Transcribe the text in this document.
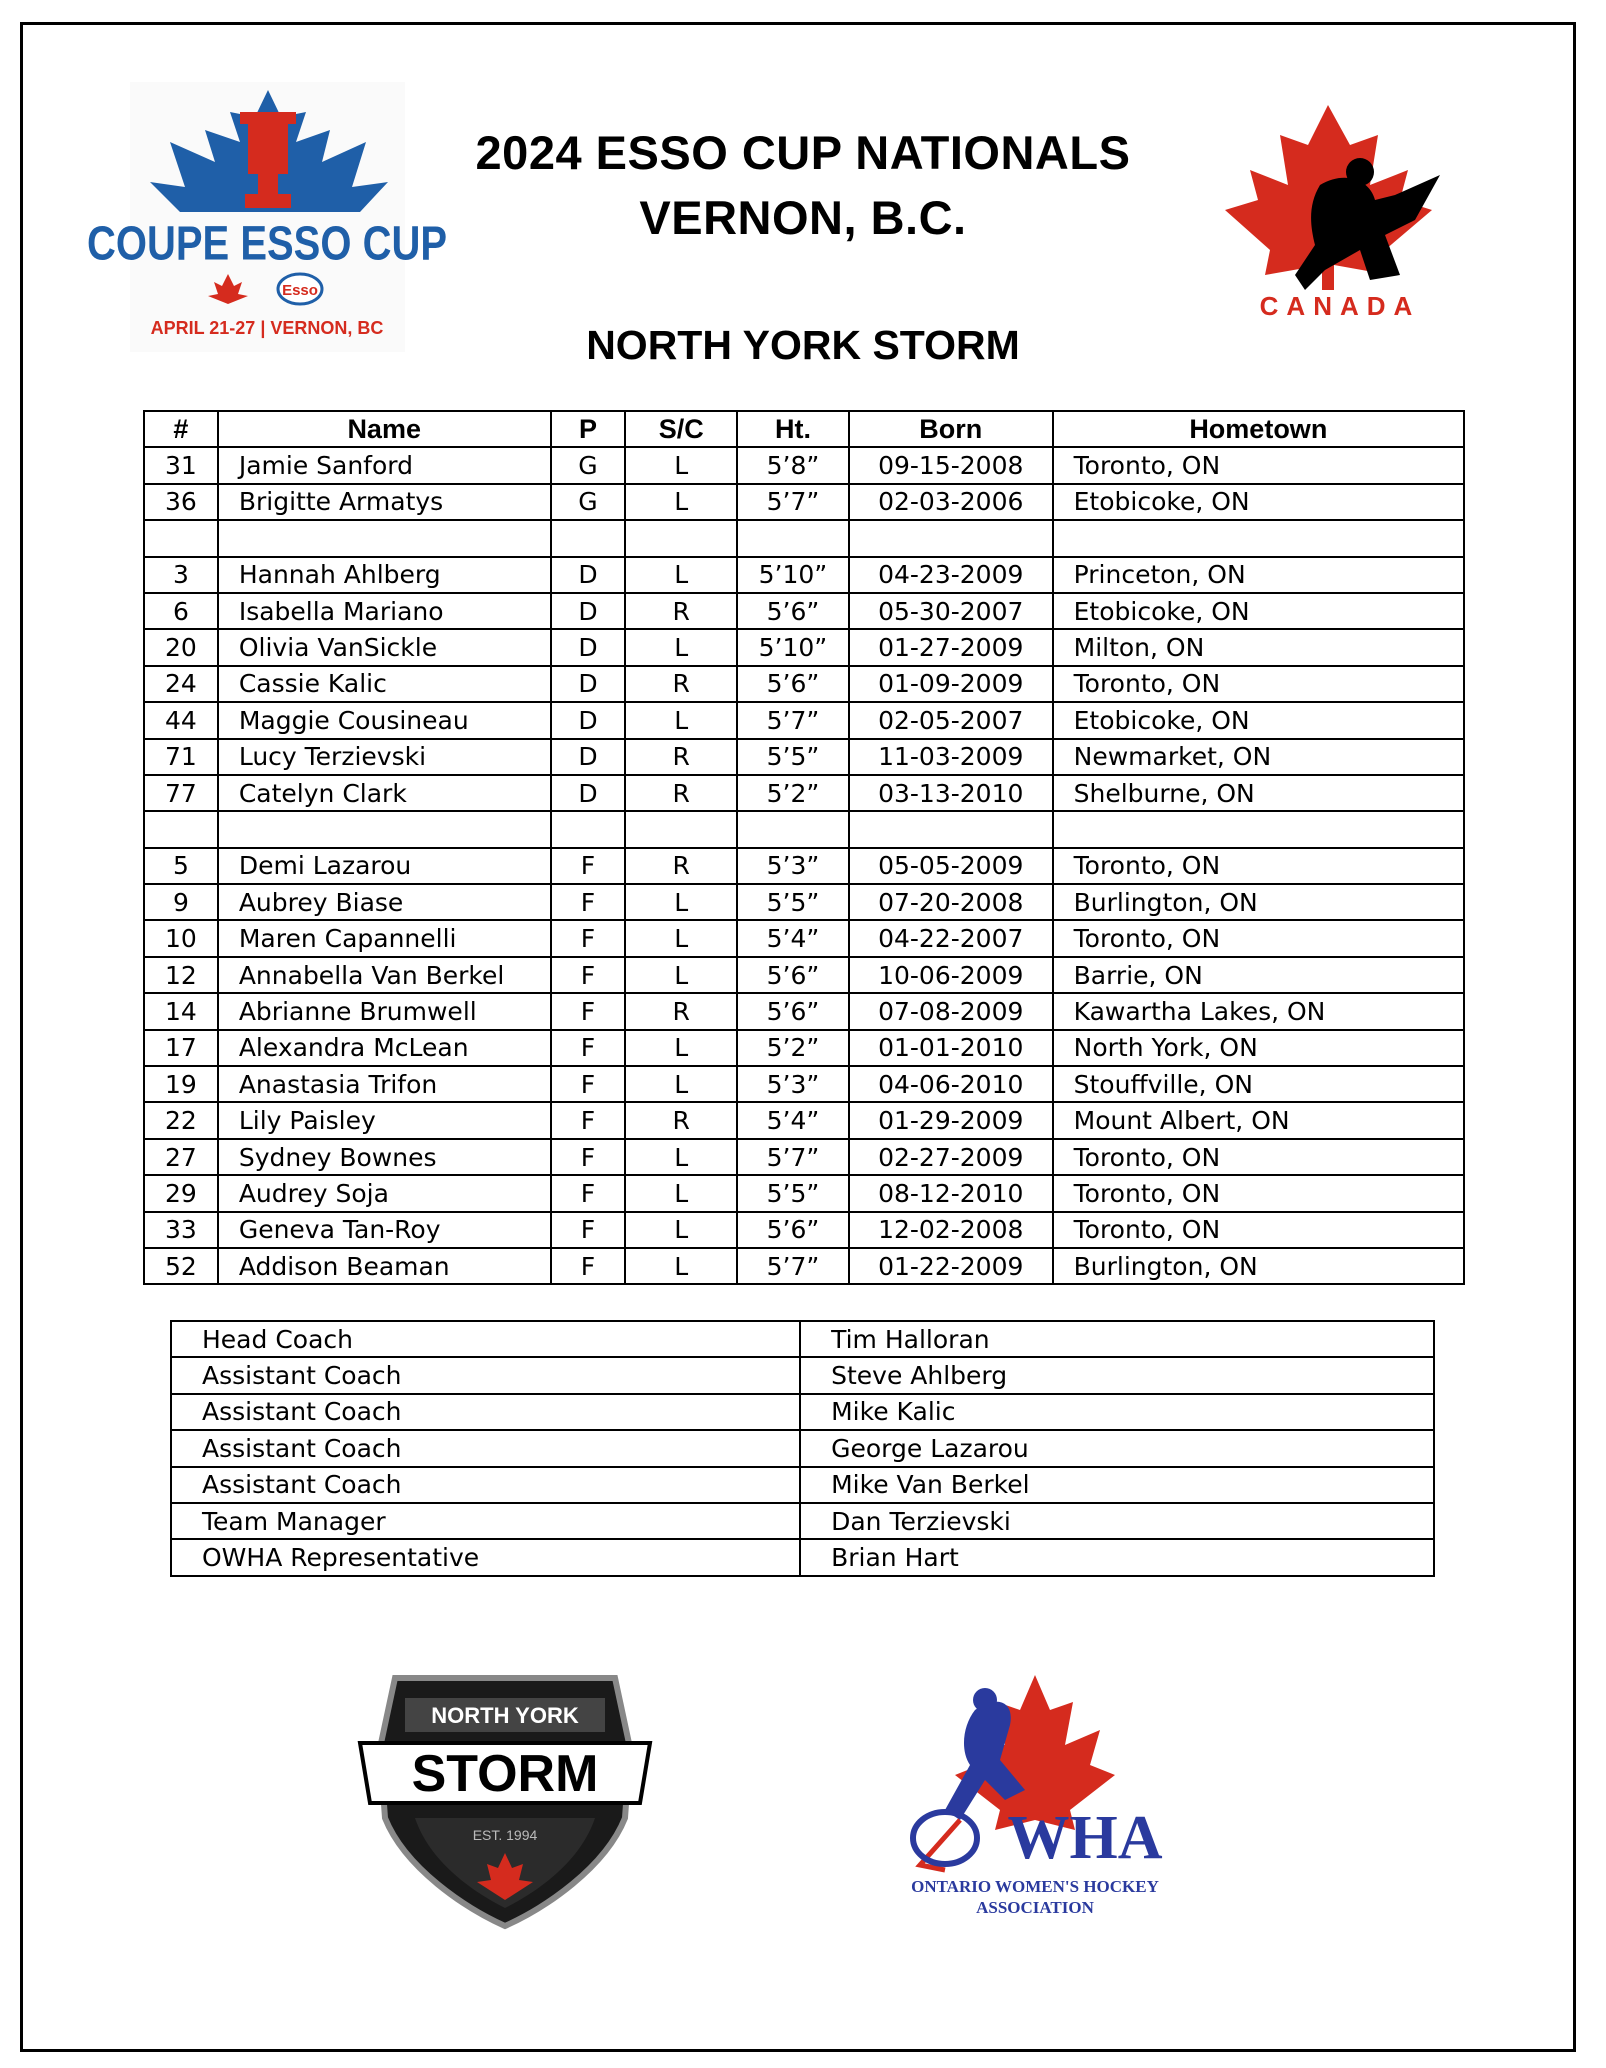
COUPE ESSO CUP
Esso
APRIL 21-27 | VERNON, BC
2024 ESSO CUP NATIONALS
VERNON, B.C.
CANADA
NORTH YORK STORM
#	Name	P	S/C	Ht.	Born	Hometown
31	Jamie Sanford	G	L	5’8”	09-15-2008	Toronto, ON
36	Brigitte Armatys	G	L	5’7”	02-03-2006	Etobicoke, ON

3	Hannah Ahlberg	D	L	5’10”	04-23-2009	Princeton, ON
6	Isabella Mariano	D	R	5’6”	05-30-2007	Etobicoke, ON
20	Olivia VanSickle	D	L	5’10”	01-27-2009	Milton, ON
24	Cassie Kalic	D	R	5’6”	01-09-2009	Toronto, ON
44	Maggie Cousineau	D	L	5’7”	02-05-2007	Etobicoke, ON
71	Lucy Terzievski	D	R	5’5”	11-03-2009	Newmarket, ON
77	Catelyn Clark	D	R	5’2”	03-13-2010	Shelburne, ON

5	Demi Lazarou	F	R	5’3”	05-05-2009	Toronto, ON
9	Aubrey Biase	F	L	5’5”	07-20-2008	Burlington, ON
10	Maren Capannelli	F	L	5’4”	04-22-2007	Toronto, ON
12	Annabella Van Berkel	F	L	5’6”	10-06-2009	Barrie, ON
14	Abrianne Brumwell	F	R	5’6”	07-08-2009	Kawartha Lakes, ON
17	Alexandra McLean	F	L	5’2”	01-01-2010	North York, ON
19	Anastasia Trifon	F	L	5’3”	04-06-2010	Stouffville, ON
22	Lily Paisley	F	R	5’4”	01-29-2009	Mount Albert, ON
27	Sydney Bownes	F	L	5’7”	02-27-2009	Toronto, ON
29	Audrey Soja	F	L	5’5”	08-12-2010	Toronto, ON
33	Geneva Tan-Roy	F	L	5’6”	12-02-2008	Toronto, ON
52	Addison Beaman	F	L	5’7”	01-22-2009	Burlington, ON
Head Coach	Tim Halloran
Assistant Coach	Steve Ahlberg
Assistant Coach	Mike Kalic
Assistant Coach	George Lazarou
Assistant Coach	Mike Van Berkel
Team Manager	Dan Terzievski
OWHA Representative	Brian Hart
NORTH YORK
STORM
EST. 1994	WHA
ONTARIO WOMEN'S HOCKEY
ASSOCIATION
